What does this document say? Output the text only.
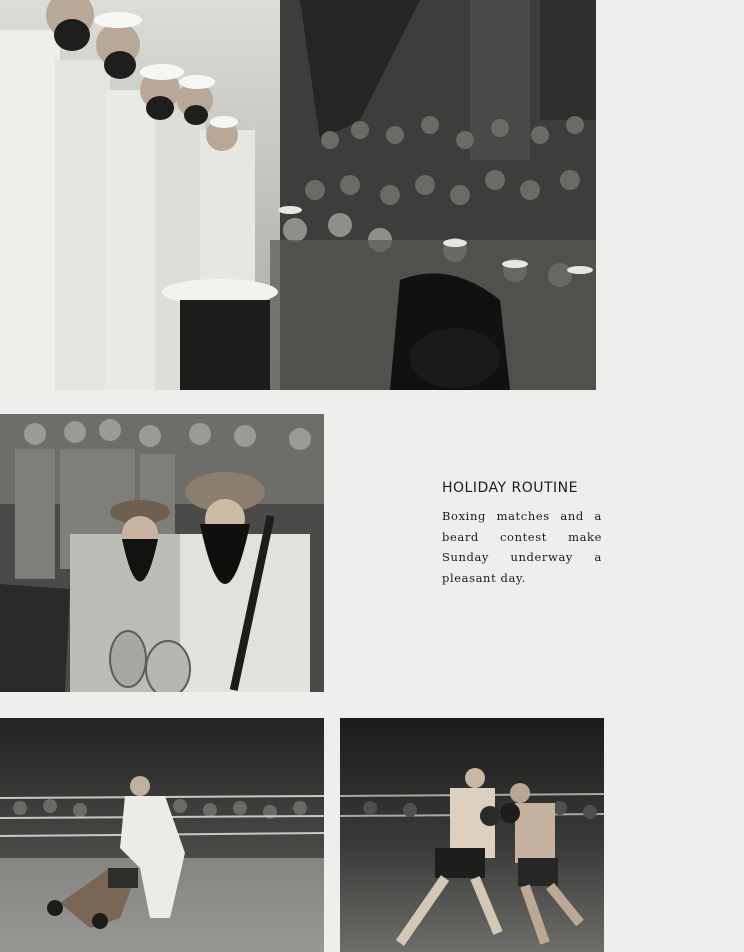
HOLIDAY ROUTINE

Boxing matches and a beard contest make Sunday underway a pleasant day.
